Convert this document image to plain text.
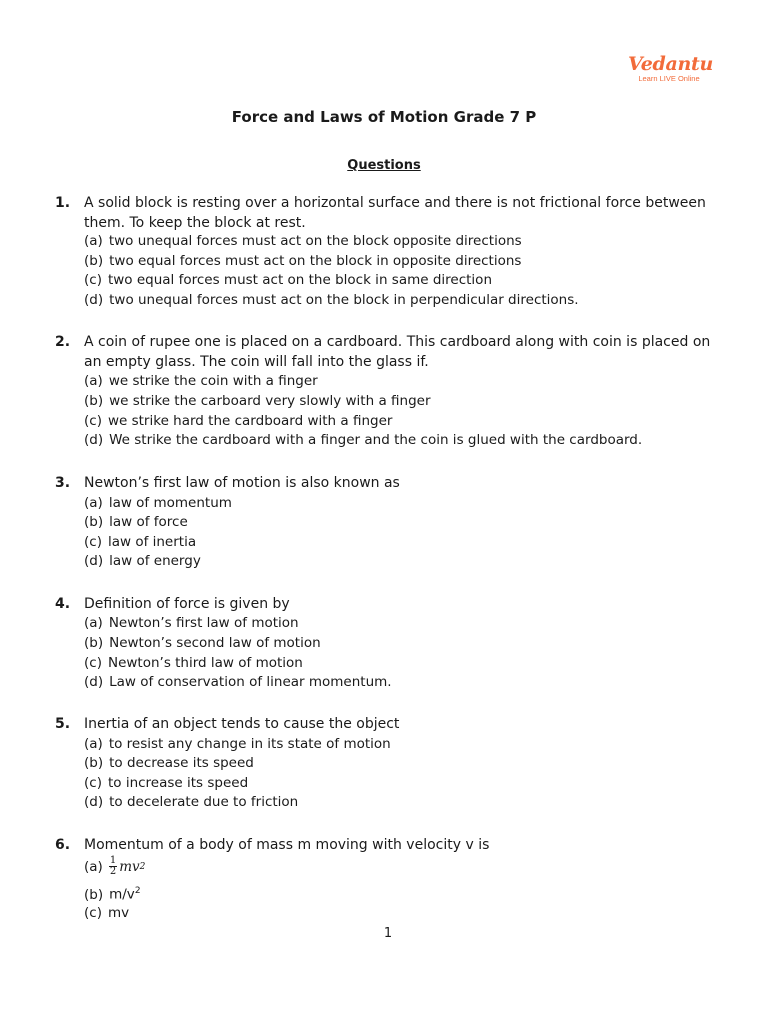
Vedantu
Learn LIVE Online
Force and Laws of Motion Grade 7 P
Questions
1. A solid block is resting over a horizontal surface and there is not frictional force between them. To keep the block at rest.
(a) two unequal forces must act on the block opposite directions
(b) two equal forces must act on the block in opposite directions
(c) two equal forces must act on the block in same direction
(d) two unequal forces must act on the block in perpendicular directions.
2. A coin of rupee one is placed on a cardboard. This cardboard along with coin is placed on an empty glass. The coin will fall into the glass if.
(a) we strike the coin with a finger
(b) we strike the carboard very slowly with a finger
(c) we strike hard the cardboard with a finger
(d) We strike the cardboard with a finger and the coin is glued with the cardboard.
3. Newton’s first law of motion is also known as
(a) law of momentum
(b) law of force
(c) law of inertia
(d) law of energy
4. Definition of force is given by
(a) Newton’s first law of motion
(b) Newton’s second law of motion
(c) Newton’s third law of motion
(d) Law of conservation of linear momentum.
5. Inertia of an object tends to cause the object
(a) to resist any change in its state of motion
(b) to decrease its speed
(c) to increase its speed
(d) to decelerate due to friction
6. Momentum of a body of mass m moving with velocity v is
$(a) \frac{1}{2} mv2$
(b) $m/v^2$
(c) mv
1
